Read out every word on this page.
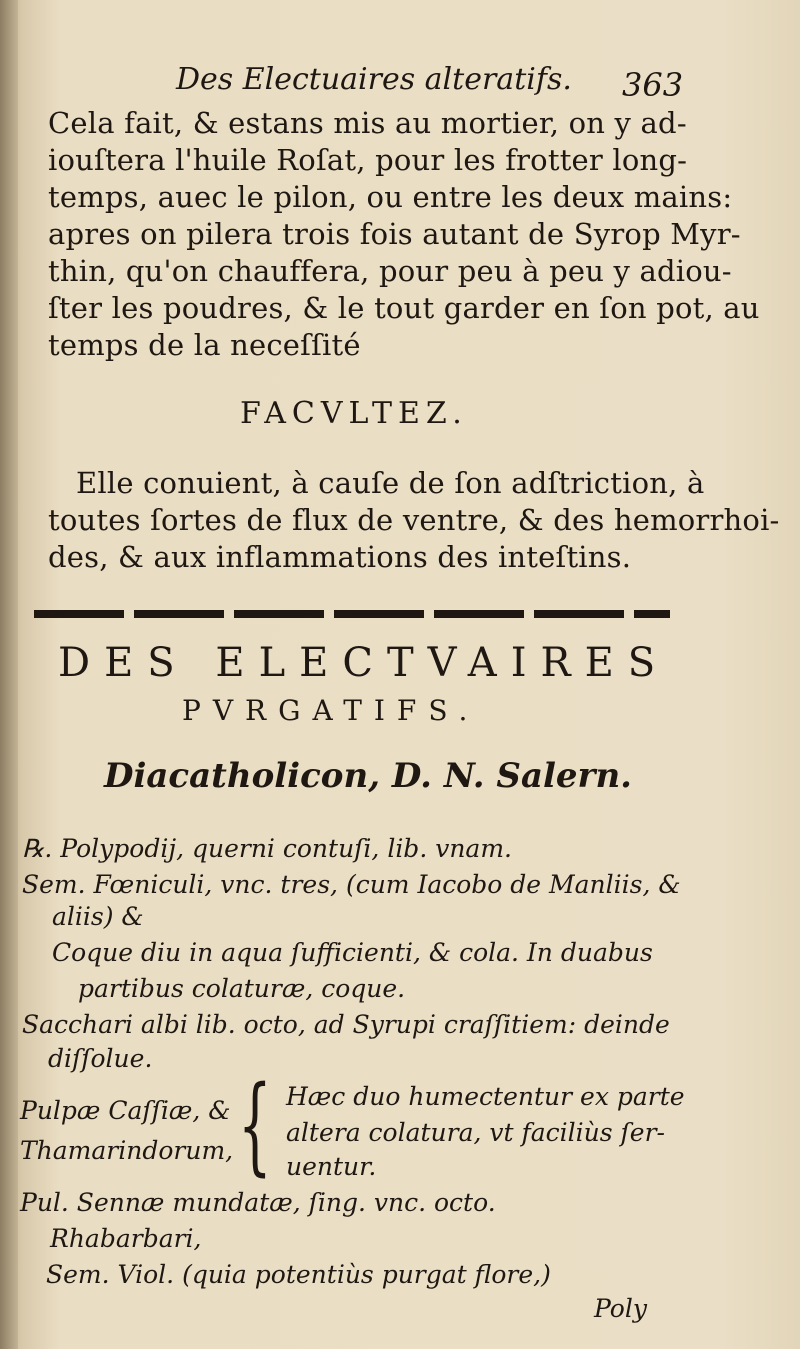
Des Electuaires alteratifs. 363
Cela fait, & estans mis au mortier, on y ad-
iouſtera l'huile Roſat, pour les frotter long-
temps, auec le pilon, ou entre les deux mains:
apres on pilera trois fois autant de Syrop Myr-
thin, qu'on chauffera, pour peu à peu y adiou-
ſter les poudres, & le tout garder en ſon pot, au
temps de la neceſſité
FACVLTEZ.
Elle conuient, à cauſe de ſon adſtriction, à
toutes ſortes de flux de ventre, & des hemorrhoi-
des, & aux inflammations des inteſtins.
DES ELECTVAIRES
PVRGATIFS.
Diacatholicon, D. N. Salern.
℞. Polypodij, querni contuſi, lib. vnam.
Sem. Fœniculi, vnc. tres, (cum Iacobo de Manliis, &
aliis) &
Coque diu in aqua ſufficienti, & cola. In duabus
partibus colaturæ, coque.
Sacchari albi lib. octo, ad Syrupi craſſitiem: deinde
diſſolue.
Pulpæ Caſſiæ, &
Thamarindorum, { Hæc duo humectentur ex parte
altera colatura, vt faciliùs ſer-
uentur.
Pul. Sennæ mundatæ, ſing. vnc. octo.
Rhabarbari,
Sem. Viol. (quia potentiùs purgat flore,)
Poly
